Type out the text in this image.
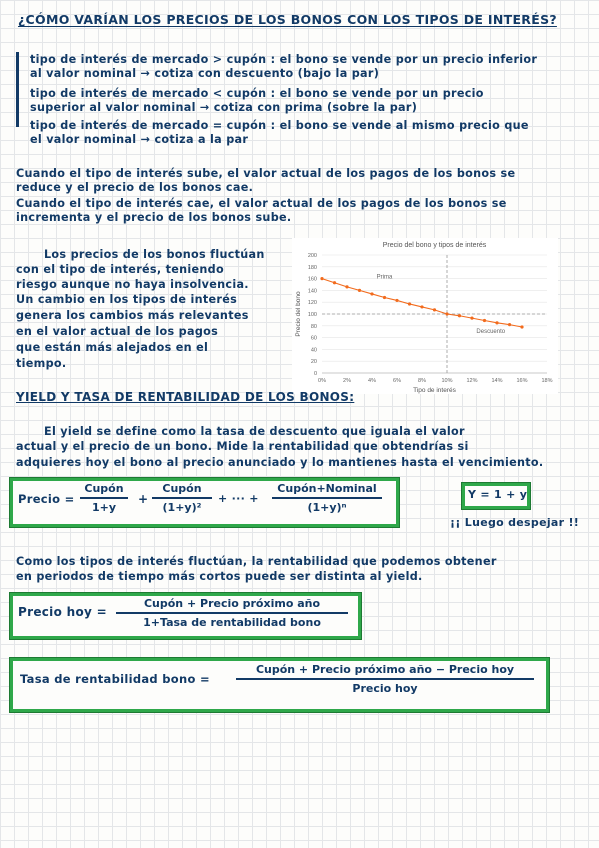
¿CÓMO VARÍAN LOS PRECIOS DE LOS BONOS CON LOS TIPOS DE INTERÉS?
tipo de interés de mercado > cupón : el bono se vende por un precio inferior
al valor nominal → cotiza con descuento (bajo la par)
tipo de interés de mercado < cupón : el bono se vende por un precio
superior al valor nominal → cotiza con prima (sobre la par)
tipo de interés de mercado = cupón : el bono se vende al mismo precio que
el valor nominal → cotiza a la par
Cuando el tipo de interés sube, el valor actual de los pagos de los bonos se
reduce y el precio de los bonos cae.
Cuando el tipo de interés cae, el valor actual de los pagos de los bonos se
incrementa y el precio de los bonos sube.
Los precios de los bonos fluctúan
con el tipo de interés, teniendo
riesgo aunque no haya insolvencia.
Un cambio en los tipos de interés
genera los cambios más relevantes
en el valor actual de los pagos
que están más alejados en el
tiempo.
Precio del bono y tipos de interés
0
20
40
60
80
100
120
140
160
180
200
0%	2%	4%	6%	8%	10%	12%	14%	16%	18%
Prima
Descuento
Tipo de interés
Precio del bono
YIELD Y TASA DE RENTABILIDAD DE LOS BONOS:
El yield se define como la tasa de descuento que iguala el valor
actual y el precio de un bono. Mide la rentabilidad que obtendrías si
adquieres hoy el bono al precio anunciado y lo mantienes hasta el vencimiento.
Precio =
Cupón
1+y
+
Cupón
(1+y)²
+ ··· +
Cupón+Nominal
(1+y)ⁿ
Y = 1 + y
¡¡ Luego despejar !!
Como los tipos de interés fluctúan, la rentabilidad que podemos obtener
en periodos de tiempo más cortos puede ser distinta al yield.
Precio hoy =
Cupón + Precio próximo año
1+Tasa de rentabilidad bono
Tasa de rentabilidad bono =
Cupón + Precio próximo año − Precio hoy
Precio hoy
